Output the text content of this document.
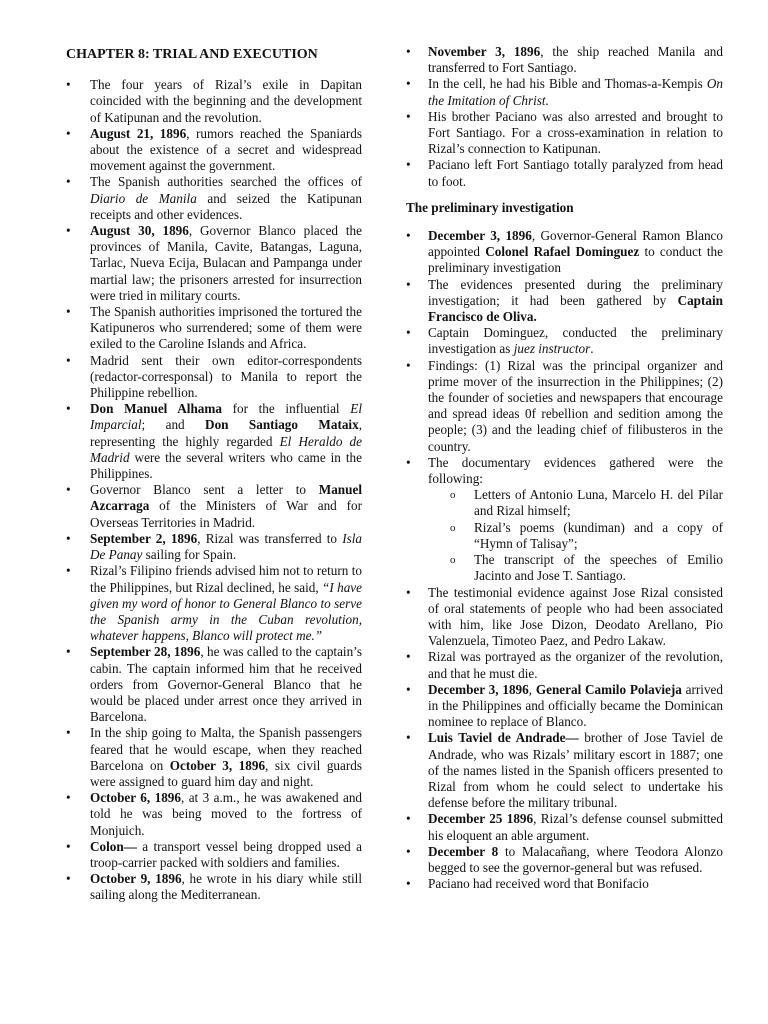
CHAPTER 8: TRIAL AND EXECUTION
• The four years of Rizal’s exile in Dapitan coincided with the beginning and the development of Katipunan and the revolution.
• August 21, 1896, rumors reached the Spaniards about the existence of a secret and widespread movement against the government.
• The Spanish authorities searched the offices of Diario de Manila and seized the Katipunan receipts and other evidences.
• August 30, 1896, Governor Blanco placed the provinces of Manila, Cavite, Batangas, Laguna, Tarlac, Nueva Ecija, Bulacan and Pampanga under martial law; the prisoners arrested for insurrection were tried in military courts.
• The Spanish authorities imprisoned the tortured the Katipuneros who surrendered; some of them were exiled to the Caroline Islands and Africa.
• Madrid sent their own editor-correspondents (redactor-corresponsal) to Manila to report the Philippine rebellion.
• Don Manuel Alhama for the influential El Imparcial; and Don Santiago Mataix, representing the highly regarded El Heraldo de Madrid were the several writers who came in the Philippines.
• Governor Blanco sent a letter to Manuel Azcarraga of the Ministers of War and for Overseas Territories in Madrid.
• September 2, 1896, Rizal was transferred to Isla De Panay sailing for Spain.
• Rizal’s Filipino friends advised him not to return to the Philippines, but Rizal declined, he said, “I have given my word of honor to General Blanco to serve the Spanish army in the Cuban revolution, whatever happens, Blanco will protect me.”
• September 28, 1896, he was called to the captain’s cabin. The captain informed him that he received orders from Governor-General Blanco that he would be placed under arrest once they arrived in Barcelona.
• In the ship going to Malta, the Spanish passengers feared that he would escape, when they reached Barcelona on October 3, 1896, six civil guards were assigned to guard him day and night.
• October 6, 1896, at 3 a.m., he was awakened and told he was being moved to the fortress of Monjuich.
• Colon— a transport vessel being dropped used a troop-carrier packed with soldiers and families.
• October 9, 1896, he wrote in his diary while still sailing along the Mediterranean.
• November 3, 1896, the ship reached Manila and transferred to Fort Santiago.
• In the cell, he had his Bible and Thomas-a-Kempis On the Imitation of Christ.
• His brother Paciano was also arrested and brought to Fort Santiago. For a cross-examination in relation to Rizal’s connection to Katipunan.
• Paciano left Fort Santiago totally paralyzed from head to foot.
The preliminary investigation
• December 3, 1896, Governor-General Ramon Blanco appointed Colonel Rafael Dominguez to conduct the preliminary investigation
• The evidences presented during the preliminary investigation; it had been gathered by Captain Francisco de Oliva.
• Captain Dominguez, conducted the preliminary investigation as juez instructor.
• Findings: (1) Rizal was the principal organizer and prime mover of the insurrection in the Philippines; (2) the founder of societies and newspapers that encourage and spread ideas 0f rebellion and sedition among the people; (3) and the leading chief of filibusteros in the country.
• The documentary evidences gathered were the following:
o Letters of Antonio Luna, Marcelo H. del Pilar and Rizal himself;
o Rizal’s poems (kundiman) and a copy of “Hymn of Talisay”;
o The transcript of the speeches of Emilio Jacinto and Jose T. Santiago.
• The testimonial evidence against Jose Rizal consisted of oral statements of people who had been associated with him, like Jose Dizon, Deodato Arellano, Pio Valenzuela, Timoteo Paez, and Pedro Lakaw.
• Rizal was portrayed as the organizer of the revolution, and that he must die.
• December 3, 1896, General Camilo Polavieja arrived in the Philippines and officially became the Dominican nominee to replace of Blanco.
• Luis Taviel de Andrade— brother of Jose Taviel de Andrade, who was Rizals’ military escort in 1887; one of the names listed in the Spanish officers presented to Rizal from whom he could select to undertake his defense before the military tribunal.
• December 25 1896, Rizal’s defense counsel submitted his eloquent an able argument.
• December 8 to Malacañang, where Teodora Alonzo begged to see the governor-general but was refused.
• Paciano had received word that Bonifacio
